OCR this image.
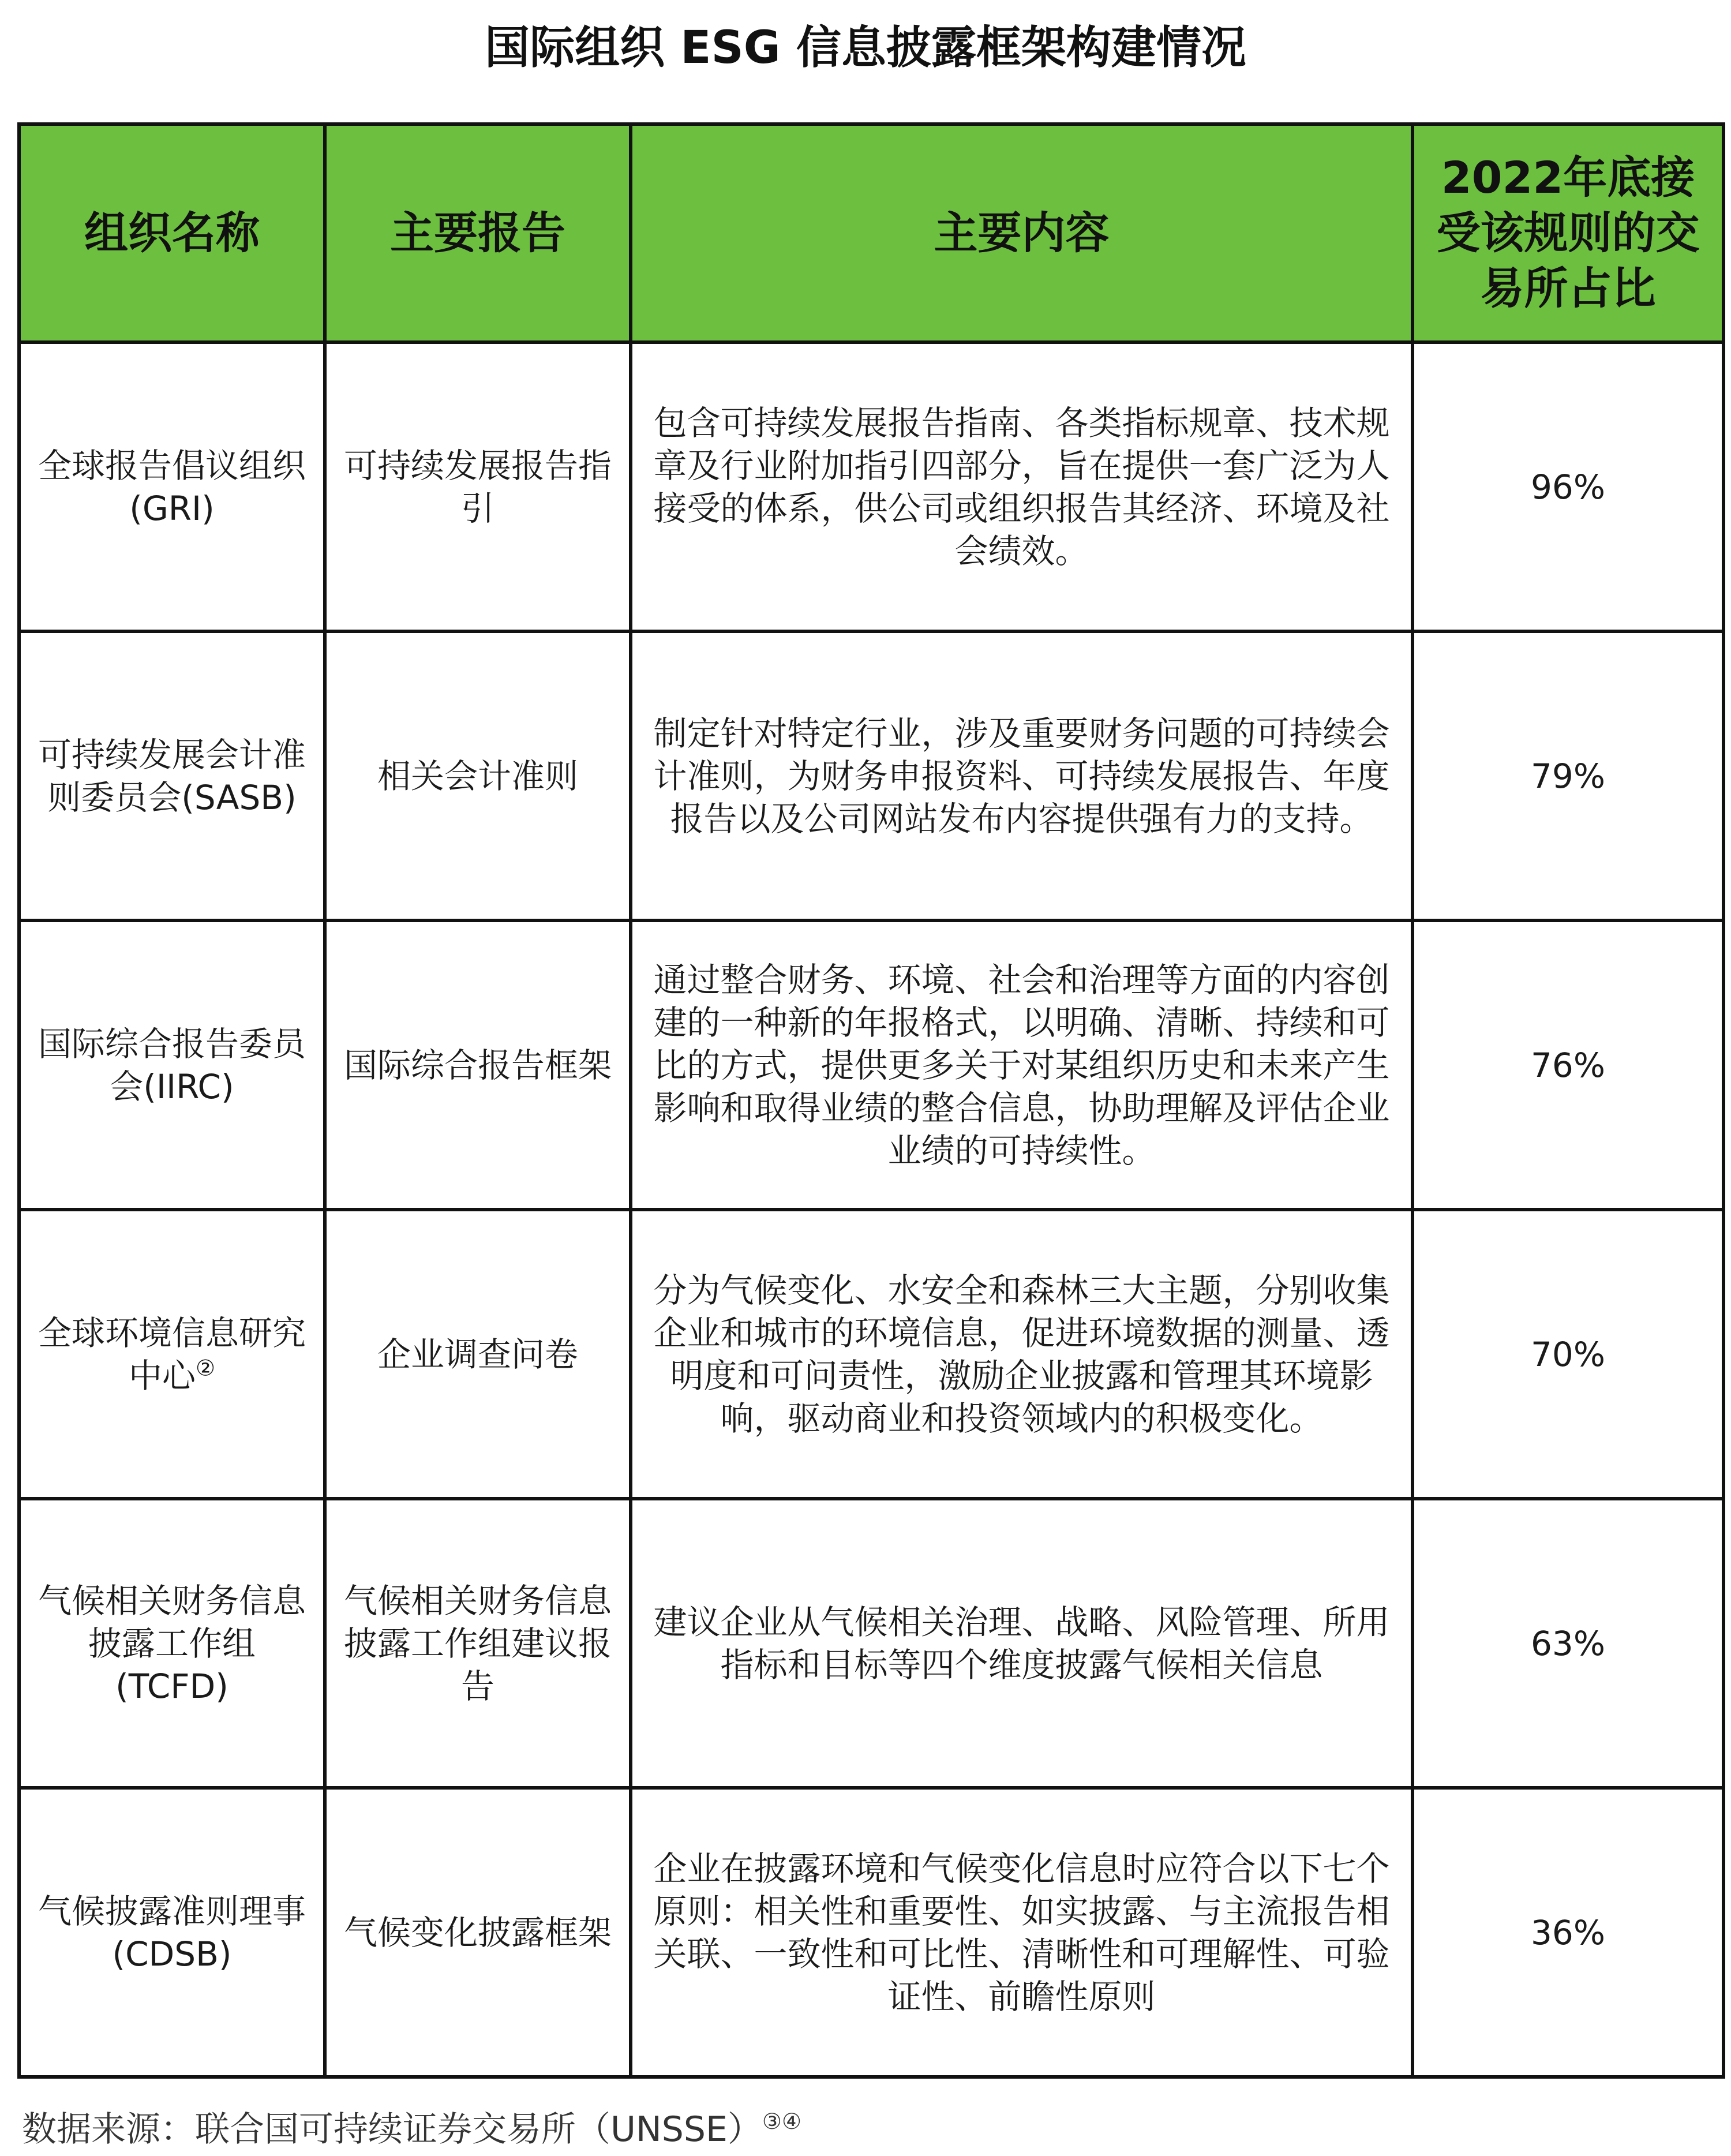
国际组织 ESG 信息披露框架构建情况
组织名称	主要报告	主要内容	2022年底接受该规则的交易所占比
全球报告倡议组织(GRI)	可持续发展报告指引	包含可持续发展报告指南、各类指标规章、技术规章及行业附加指引四部分，旨在提供一套广泛为人接受的体系，供公司或组织报告其经济、环境及社会绩效。	96%
可持续发展会计准则委员会(SASB)	相关会计准则	制定针对特定行业，涉及重要财务问题的可持续会计准则，为财务申报资料、可持续发展报告、年度报告以及公司网站发布内容提供强有力的支持。	79%
国际综合报告委员会(IIRC)	国际综合报告框架	通过整合财务、环境、社会和治理等方面的内容创建的一种新的年报格式，以明确、清晰、持续和可比的方式，提供更多关于对某组织历史和未来产生影响和取得业绩的整合信息，协助理解及评估企业业绩的可持续性。	76%
全球环境信息研究中心②	企业调查问卷	分为气候变化、水安全和森林三大主题，分别收集企业和城市的环境信息，促进环境数据的测量、透明度和可问责性，激励企业披露和管理其环境影响，驱动商业和投资领域内的积极变化。	70%
气候相关财务信息披露工作组(TCFD)	气候相关财务信息披露工作组建议报告	建议企业从气候相关治理、战略、风险管理、所用指标和目标等四个维度披露气候相关信息	63%
气候披露准则理事(CDSB)	气候变化披露框架	企业在披露环境和气候变化信息时应符合以下七个原则：相关性和重要性、如实披露、与主流报告相关联、一致性和可比性、清晰性和可理解性、可验证性、前瞻性原则	36%
数据来源：联合国可持续证券交易所（UNSSE）③④
